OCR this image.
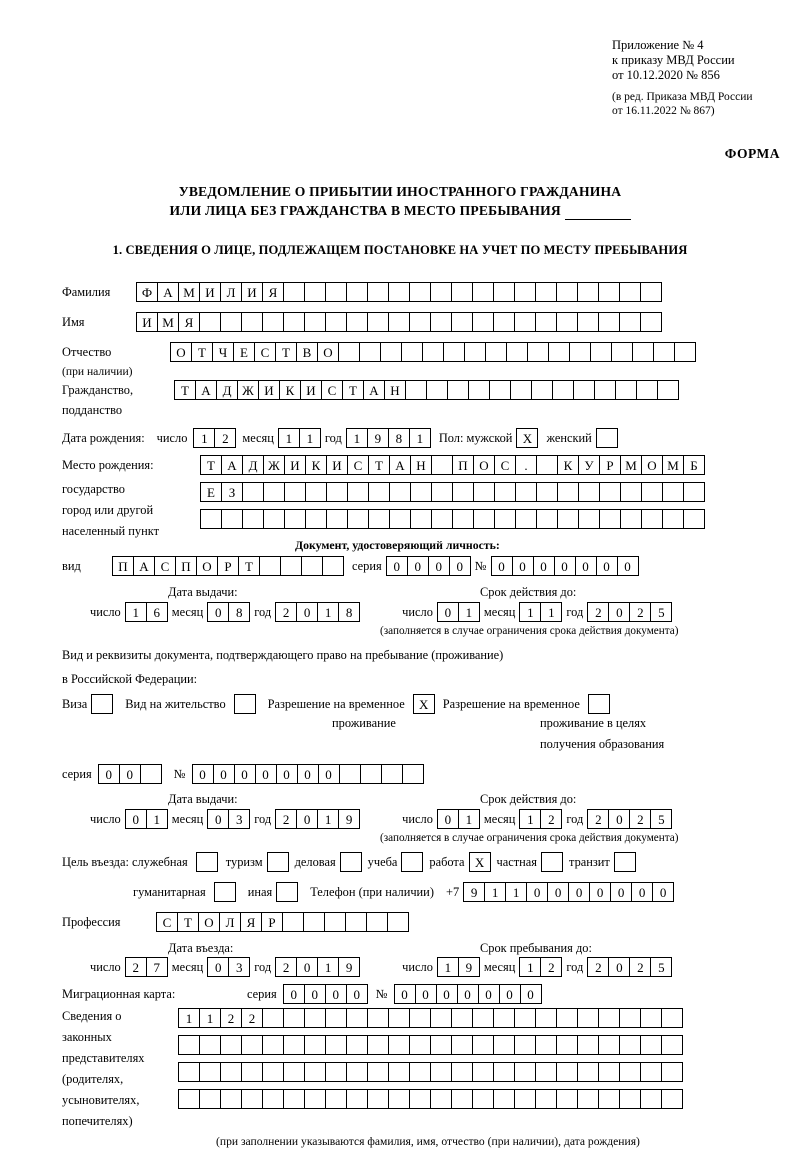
Приложение № 4
к приказу МВД России
от 10.12.2020 № 856
(в ред. Приказа МВД России
от 16.11.2022 № 867)
ФОРМА
УВЕДОМЛЕНИЕ О ПРИБЫТИИ ИНОСТРАННОГО ГРАЖДАНИНА
ИЛИ ЛИЦА БЕЗ ГРАЖДАНСТВА В МЕСТО ПРЕБЫВАНИЯ
1. СВЕДЕНИЯ О ЛИЦЕ, ПОДЛЕЖАЩЕМ ПОСТАНОВКЕ НА УЧЕТ ПО МЕСТУ ПРЕБЫВАНИЯ
Фамилия	Ф А М И Л И Я
Имя	И М Я
Отчество	О Т Ч Е С Т В О
(при наличии)
Гражданство,	Т А Д Ж И К И С Т А Н
подданство
Дата рождения: число	1	2	месяц 1	1 год 1	9	8	1	Пол: мужской X	женский
Место рождения:	Т А Д Ж И К И С Т А Н	П О С	.	К У Р М О М Б
государство	Е	З
город или другой
населенный пункт
Документ, удостоверяющий личность:
вид	П А С П О Р	Т	серия 0	0	0	0 № 0	0	0	0	0	0	0
Дата выдачи:	Срок действия до:
число 1	6 месяц 0	8 год 2	0	1	8	число 0	1 месяц 1	1 год 2	0	2	5
(заполняется в случае ограничения срока действия документа)
Вид и реквизиты документа, подтверждающего право на пребывание (проживание)
в Российской Федерации:
Виза	Вид на жительство	Разрешение на временное	X	Разрешение на временное
проживание	проживание в целях
получения образования
серия	0	0	№	0	0	0	0	0	0	0
Дата выдачи:	Срок действия до:
число 0	1 месяц 0	3 год 2	0	1	9	число 0	1 месяц 1	2 год 2	0	2	5
(заполняется в случае ограничения срока действия документа)
Цель въезда: служебная	туризм	деловая	учеба	работа X частная	транзит
гуманитарная	иная	Телефон (при наличии) +7 9	1	1	0	0	0	0	0	0	0
Профессия	С Т О Л Я	Р
Дата въезда:	Срок пребывания до:
число 2	7 месяц 0	3 год 2	0	1	9	число 1	9 месяц 1	2 год 2	0	2	5
Миграционная карта:	серия	0	0	0	0	№	0	0	0	0	0	0	0
Сведения о
законных
представителях
(родителях,
усыновителях,
попечителях)
1	1	2	2
(при заполнении указываются фамилия, имя, отчество (при наличии), дата рождения)
